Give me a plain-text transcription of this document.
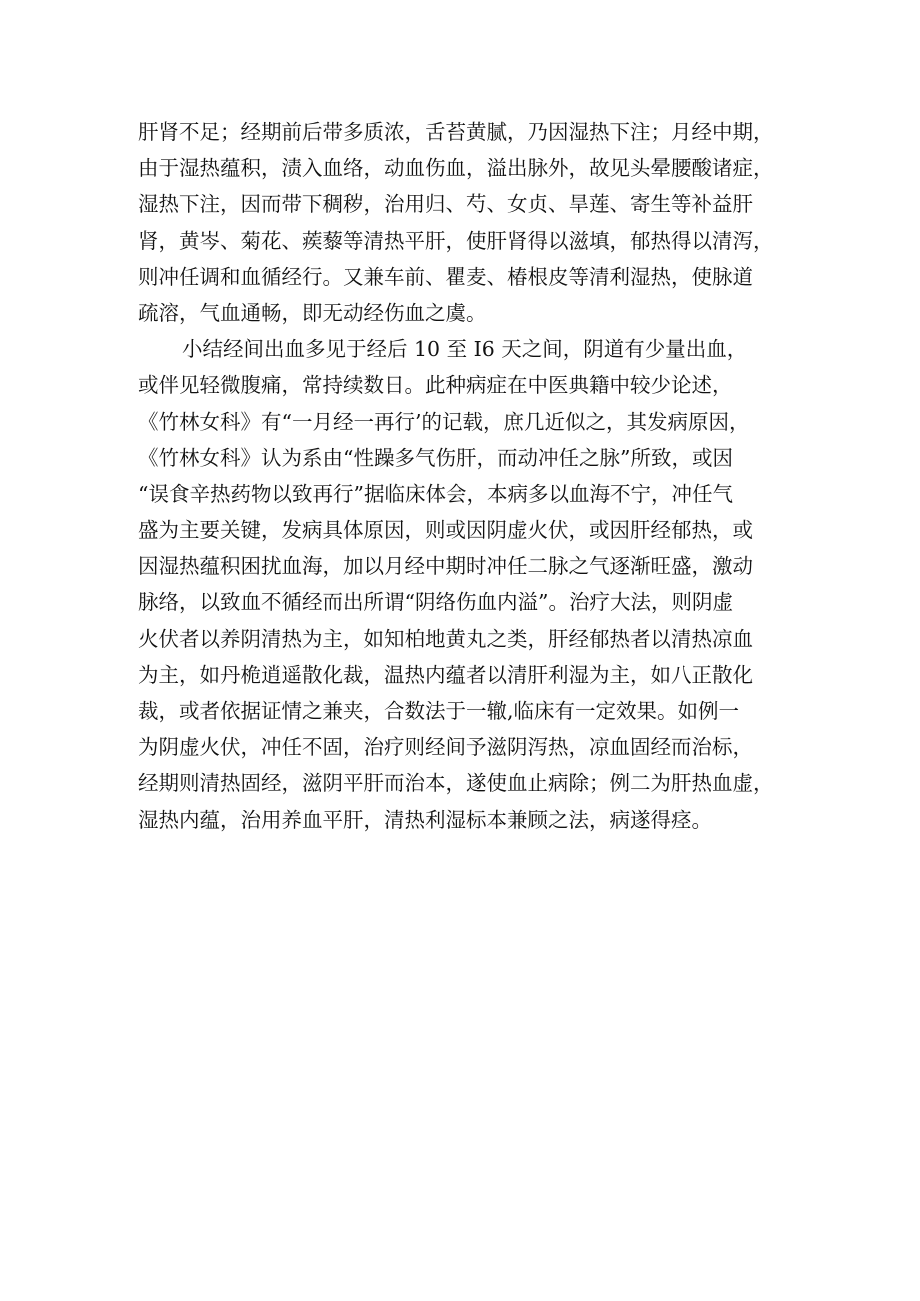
肝肾不足；经期前后带多质浓，舌苔黄腻，乃因湿热下注；月经中期，
由于湿热蕴积，渍入血络，动血伤血，溢出脉外，故见头晕腰酸诸症，
湿热下注，因而带下稠秽，治用归、芍、女贞、旱莲、寄生等补益肝
肾，黄岑、菊花、蒺藜等清热平肝，使肝肾得以滋填，郁热得以清泻，
则冲任调和血循经行。又兼车前、瞿麦、椿根皮等清利湿热，使脉道
疏溶，气血通畅，即无动经伤血之虞。

小结经间出血多见于经后 10 至 I6 天之间，阴道有少量出血，
或伴见轻微腹痛，常持续数日。此种病症在中医典籍中较少论述，
《竹林女科》有“一月经一再行’的记载，庶几近似之，其发病原因，
《竹林女科》认为系由“性躁多气伤肝，而动冲任之脉”所致，或因
“误食辛热药物以致再行”据临床体会，本病多以血海不宁，冲任气
盛为主要关键，发病具体原因，则或因阴虚火伏，或因肝经郁热，或
因湿热蕴积困扰血海，加以月经中期时冲任二脉之气逐渐旺盛，激动
脉络，以致血不循经而出所谓“阴络伤血内溢”。治疗大法，则阴虚
火伏者以养阴清热为主，如知柏地黄丸之类，肝经郁热者以清热凉血
为主，如丹桅逍遥散化裁，温热内蕴者以清肝利湿为主，如八正散化
裁，或者依据证情之兼夹，合数法于一辙,临床有一定效果。如例一
为阴虚火伏，冲任不固，治疗则经间予滋阴泻热，凉血固经而治标，
经期则清热固经，滋阴平肝而治本，遂使血止病除；例二为肝热血虚，
湿热内蕴，治用养血平肝，清热利湿标本兼顾之法，病遂得痉。
